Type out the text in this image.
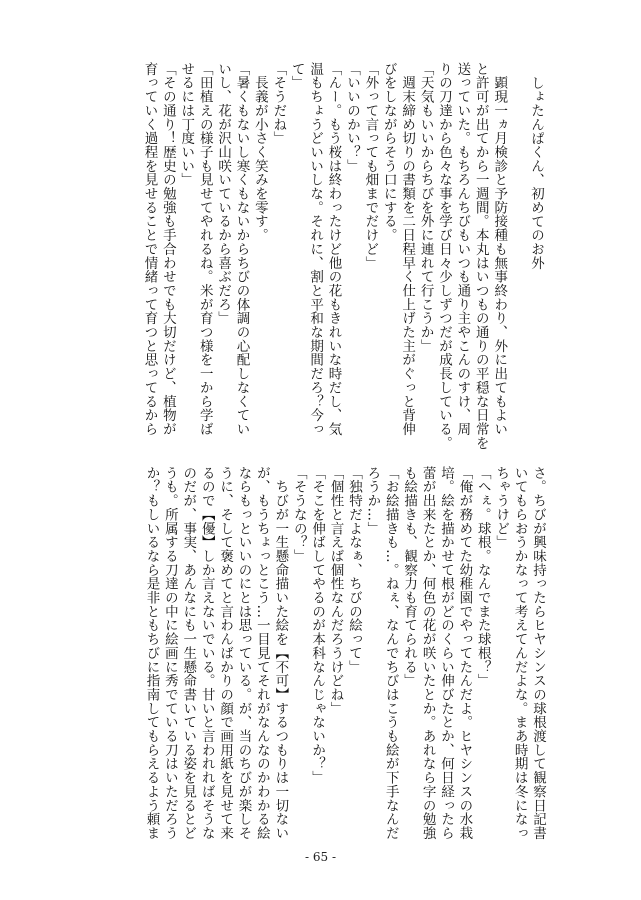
しょたんぱくん、初めてのお外
　顕現一ヵ月検診と予防接種も無事終わり、外に出てもよい
と許可が出てから一週間。本丸はいつもの通りの平穏な日常を
送っていた。もちろんちびもいつも通り主やこんのすけ、周
りの刀達から色々な事を学び日々少しずつだが成長している。
「天気もいいからちびを外に連れて行こうか」
　週末締め切りの書類を二日程早く仕上げた主がぐっと背伸
びをしながらそう口にする。
「外って言っても畑までだけど」
「いいのかい？」
「んー。もう桜は終わったけど他の花もきれいな時だし、気
温もちょうどいいしな。それに、割と平和な期間だろ？今っ
て」
「そうだね」
　長義が小さく笑みを零す。
「暑くもないし寒くもないからちびの体調の心配しなくてい
いし、花が沢山咲いているから喜ぶだろ」
「田植えの様子も見せてやれるね。米が育つ様を一から学ば
せるには丁度いい」
「その通り！歴史の勉強も手合わせでも大切だけど、植物が
育っていく過程を見せることで情緒って育つと思ってるから
さ。ちびが興味持ったらヒヤシンスの球根渡して観察日記書
いてもらおうかなって考えてんだよな。まあ時期は冬になっ
ちゃうけど」
「へぇ。球根。なんでまた球根？」
「俺が務めてた幼稚園でやってたんだよ。ヒヤシンスの水栽
培。絵を描かせて根がどのくらい伸びたとか、何日経ったら
蕾が出来たとか、何色の花が咲いたとか。あれなら字の勉強
も絵描きも、観察力も育てられる」
「お絵描きも…。ねぇ、なんでちびはこうも絵が下手なんだ
ろうか…」
「独特だよなぁ、ちびの絵って」
「個性と言えば個性なんだろうけどね」
「そこを伸ばしてやるのが本科なんじゃないか？」
「そうなの？」
　ちびが一生懸命描いた絵を【不可】するつもりは一切ない
が、もうちょっとこう…一目見てそれがなんなのかわかる絵
ならもっといいのにとは思っている。が、当のちびが楽しそ
うに、そして褒めてと言わんばかりの顔で画用紙を見せて来
るので【優】しか言えないでいる。甘いと言われればそうな
のだが、事実、あんなにも一生懸命書いている姿を見るとど
うも。所属する刀達の中に絵画に秀でている刀はいただろう
か？もしいるなら是非ともちびに指南してもらえるよう頼ま
- 65 -
